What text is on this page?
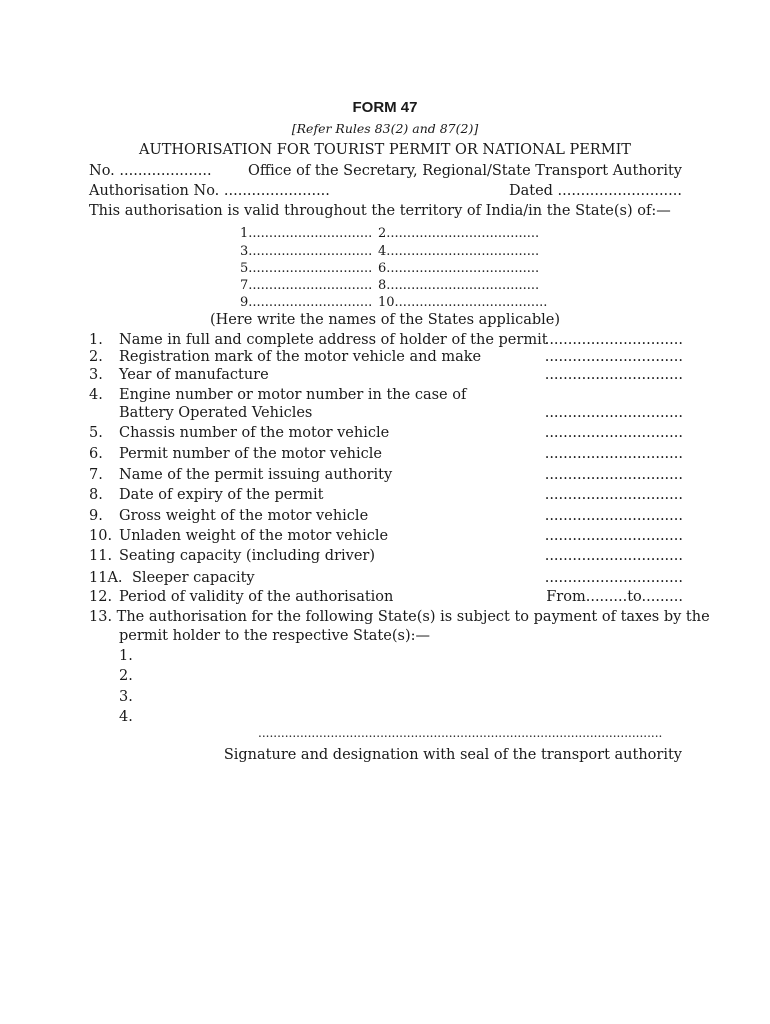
FORM 47
[Refer Rules 83(2) and 87(2)]
AUTHORISATION FOR TOURIST PERMIT OR NATIONAL PERMIT
No. ....................	Office of the Secretary, Regional/State Transport Authority
Authorisation No. .......................	Dated ...........................
This authorisation is valid throughout the territory of India/in the State(s) of:—
1.............................. 2.....................................
3.............................. 4.....................................
5.............................. 6.....................................
7.............................. 8.....................................
9.............................. 10.....................................
(Here write the names of the States applicable)
1. Name in full and complete address of holder of the permit
..............................
2. Registration mark of the motor vehicle and make	..............................
3. Year of manufacture	..............................
4. Engine number or motor number in the case of
Battery Operated Vehicles	..............................
5. Chassis number of the motor vehicle	..............................
6. Permit number of the motor vehicle	..............................
7. Name of the permit issuing authority	..............................
8. Date of expiry of the permit	..............................
9. Gross weight of the motor vehicle	..............................
10. Unladen weight of the motor vehicle	..............................
11. Seating capacity (including driver)	..............................
11A. Sleeper capacity	..............................
12. Period of validity of the authorisation	From.........to.........
13. The authorisation for the following State(s) is subject to payment of taxes by the
permit holder to the respective State(s):—
1.
2.
3.
4.
..........................................................................................................
Signature and designation with seal of the transport authority
